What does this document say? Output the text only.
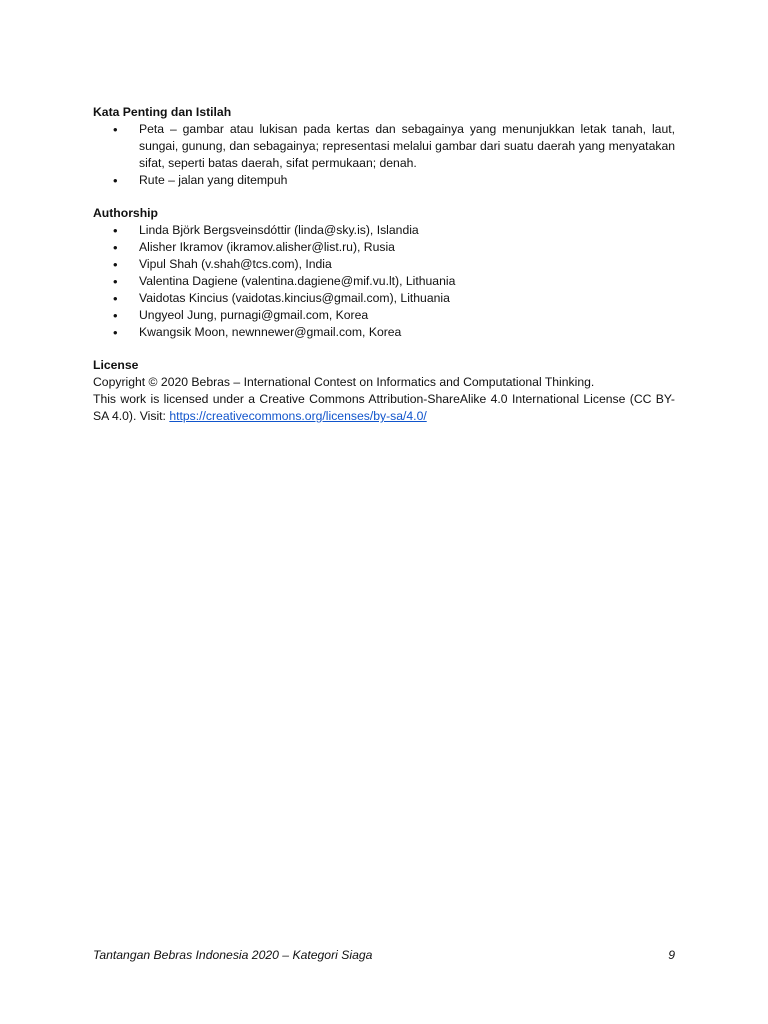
Kata Penting dan Istilah

• Peta – gambar atau lukisan pada kertas dan sebagainya yang menunjukkan letak tanah, laut, sungai, gunung, dan sebagainya; representasi melalui gambar dari suatu daerah yang menyatakan sifat, seperti batas daerah, sifat permukaan; denah.
• Rute – jalan yang ditempuh

Authorship

• Linda Björk Bergsveinsdóttir (linda@sky.is), Islandia
• Alisher Ikramov (ikramov.alisher@list.ru), Rusia
• Vipul Shah (v.shah@tcs.com), India
• Valentina Dagiene (valentina.dagiene@mif.vu.lt), Lithuania
• Vaidotas Kincius (vaidotas.kincius@gmail.com), Lithuania
• Ungyeol Jung, purnagi@gmail.com, Korea
• Kwangsik Moon, newnnewer@gmail.com, Korea

License

Copyright © 2020 Bebras – International Contest on Informatics and Computational Thinking.

This work is licensed under a Creative Commons Attribution-ShareAlike 4.0 International License (CC BY-SA 4.0). Visit: https://creativecommons.org/licenses/by-sa/4.0/

Tantangan Bebras Indonesia 2020 – Kategori Siaga	9
